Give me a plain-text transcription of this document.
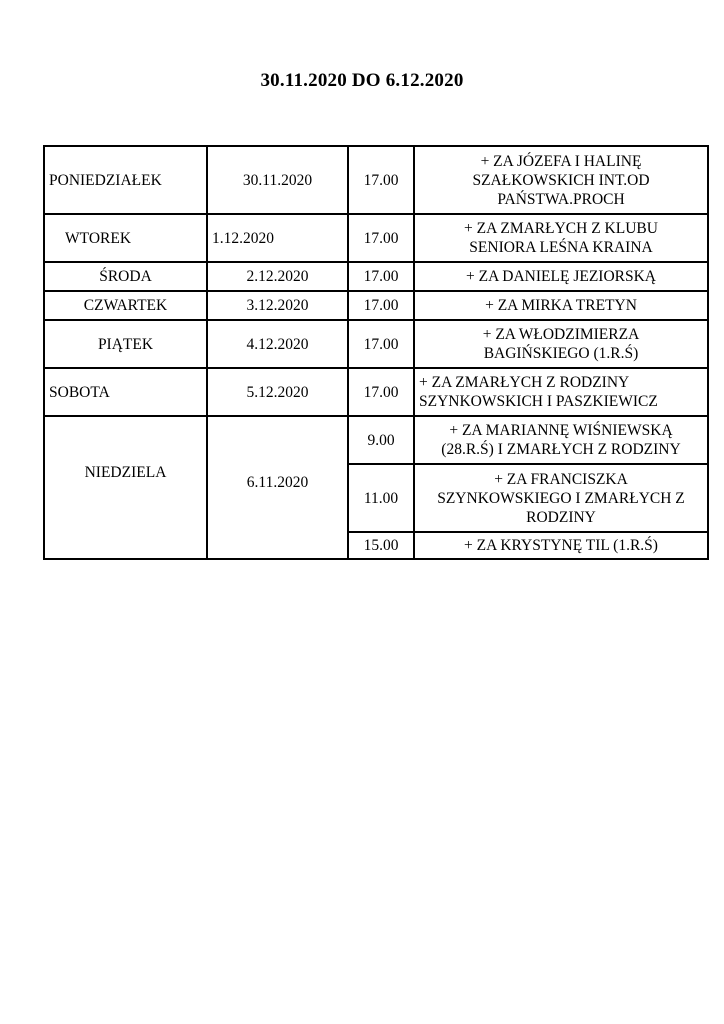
30.11.2020 DO 6.12.2020
PONIEDZIAŁEK	30.11.2020	17.00	+ ZA JÓZEFA I HALINĘ
SZAŁKOWSKICH INT.OD
PAŃSTWA.PROCH
WTOREK	1.12.2020	17.00	+ ZA ZMARŁYCH Z KLUBU
SENIORA LEŚNA KRAINA
ŚRODA	2.12.2020	17.00	+ ZA DANIELĘ JEZIORSKĄ
CZWARTEK	3.12.2020	17.00	+ ZA MIRKA TRETYN
PIĄTEK	4.12.2020	17.00	+ ZA WŁODZIMIERZA
BAGIŃSKIEGO (1.R.Ś)
SOBOTA	5.12.2020	17.00	+ ZA ZMARŁYCH Z RODZINY
SZYNKOWSKICH I PASZKIEWICZ
NIEDZIELA	6.11.2020	9.00	+ ZA MARIANNĘ WIŚNIEWSKĄ
(28.R.Ś) I ZMARŁYCH Z RODZINY
		11.00	+ ZA FRANCISZKA
SZYNKOWSKIEGO I ZMARŁYCH Z
RODZINY
		15.00	+ ZA KRYSTYNĘ TIL (1.R.Ś)
